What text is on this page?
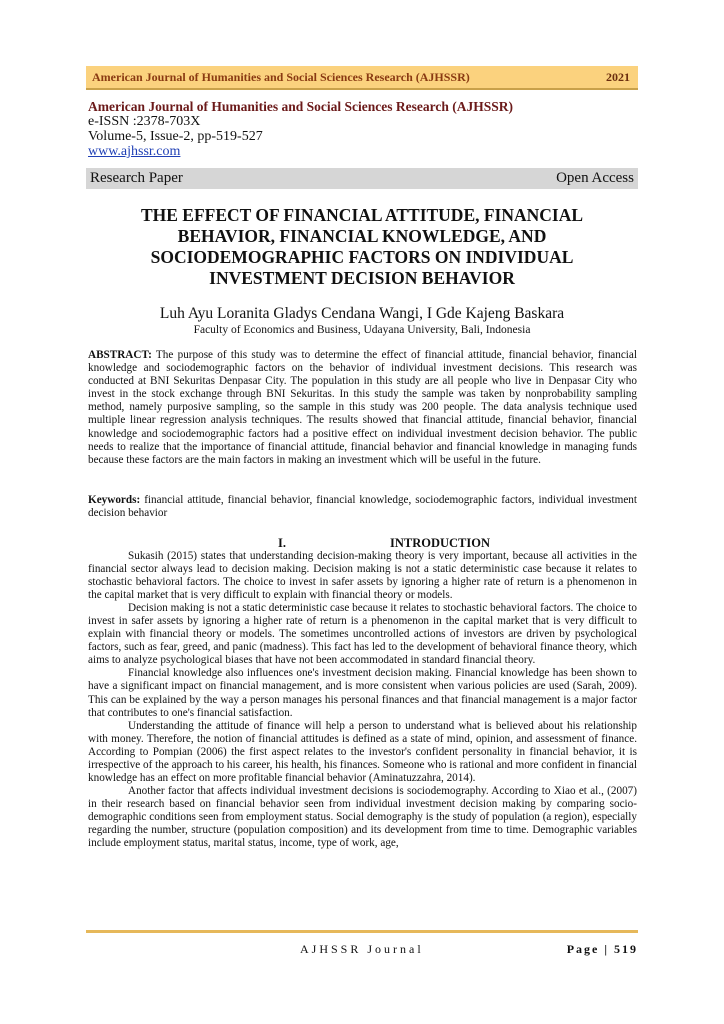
American Journal of Humanities and Social Sciences Research (AJHSSR)	2021
American Journal of Humanities and Social Sciences Research (AJHSSR)
e-ISSN :2378-703X
Volume-5, Issue-2, pp-519-527
www.ajhssr.com
Research Paper	Open Access
THE EFFECT OF FINANCIAL ATTITUDE, FINANCIAL BEHAVIOR, FINANCIAL KNOWLEDGE, AND SOCIODEMOGRAPHIC FACTORS ON INDIVIDUAL INVESTMENT DECISION BEHAVIOR
Luh Ayu Loranita Gladys Cendana Wangi, I Gde Kajeng Baskara
Faculty of Economics and Business, Udayana University, Bali, Indonesia
ABSTRACT: The purpose of this study was to determine the effect of financial attitude, financial behavior, financial knowledge and sociodemographic factors on the behavior of individual investment decisions. This research was conducted at BNI Sekuritas Denpasar City. The population in this study are all people who live in Denpasar City who invest in the stock exchange through BNI Sekuritas. In this study the sample was taken by nonprobability sampling method, namely purposive sampling, so the sample in this study was 200 people. The data analysis technique used multiple linear regression analysis techniques. The results showed that financial attitude, financial behavior, financial knowledge and sociodemographic factors had a positive effect on individual investment decision behavior. The public needs to realize that the importance of financial attitude, financial behavior and financial knowledge in managing funds because these factors are the main factors in making an investment which will be useful in the future.
Keywords: financial attitude, financial behavior, financial knowledge, sociodemographic factors, individual investment decision behavior
I.	INTRODUCTION

Sukasih (2015) states that understanding decision-making theory is very important, because all activities in the financial sector always lead to decision making. Decision making is not a static deterministic case because it relates to stochastic behavioral factors. The choice to invest in safer assets by ignoring a higher rate of return is a phenomenon in the capital market that is very difficult to explain with financial theory or models.

Decision making is not a static deterministic case because it relates to stochastic behavioral factors. The choice to invest in safer assets by ignoring a higher rate of return is a phenomenon in the capital market that is very difficult to explain with financial theory or models. The sometimes uncontrolled actions of investors are driven by psychological factors, such as fear, greed, and panic (madness). This fact has led to the development of behavioral finance theory, which aims to analyze psychological biases that have not been accommodated in standard financial theory.

Financial knowledge also influences one's investment decision making. Financial knowledge has been shown to have a significant impact on financial management, and is more consistent when various policies are used (Sarah, 2009). This can be explained by the way a person manages his personal finances and that financial management is a major factor that contributes to one's financial satisfaction.

Understanding the attitude of finance will help a person to understand what is believed about his relationship with money. Therefore, the notion of financial attitudes is defined as a state of mind, opinion, and assessment of finance. According to Pompian (2006) the first aspect relates to the investor's confident personality in financial behavior, it is irrespective of the approach to his career, his health, his finances. Someone who is rational and more confident in financial knowledge has an effect on more profitable financial behavior (Aminatuzzahra, 2014).

Another factor that affects individual investment decisions is sociodemography. According to Xiao et al., (2007) in their research based on financial behavior seen from individual investment decision making by comparing socio-demographic conditions seen from employment status. Social demography is the study of population (a region), especially regarding the number, structure (population composition) and its development from time to time. Demographic variables include employment status, marital status, income, type of work, age,

AJHSSR Journal	Page | 519
